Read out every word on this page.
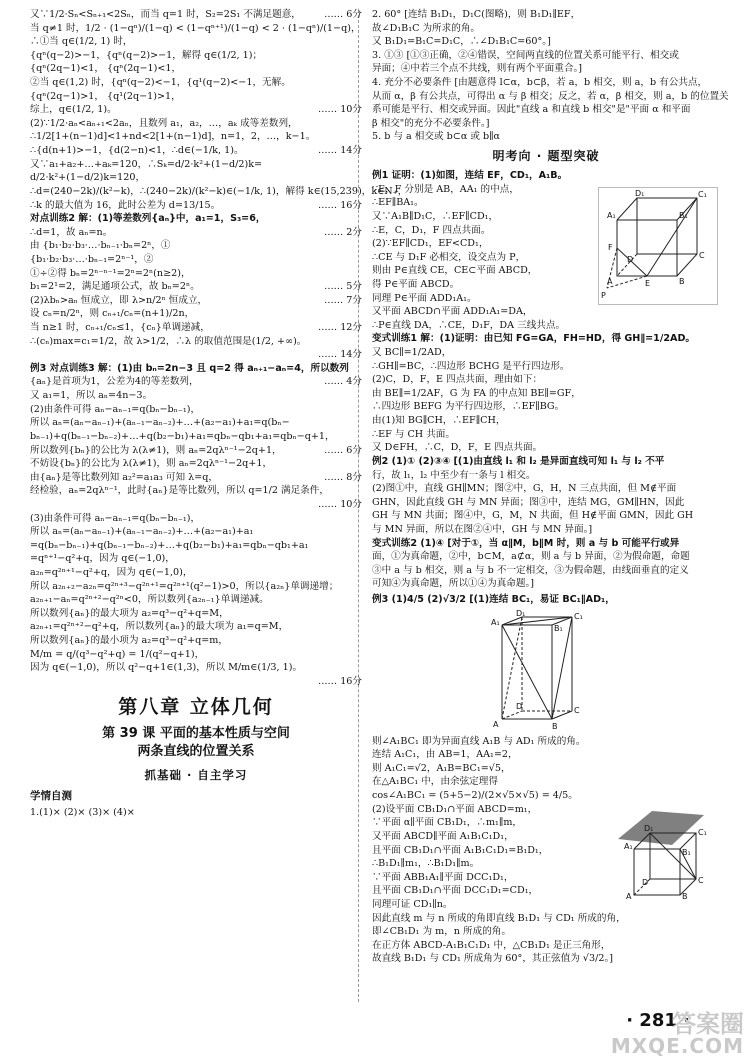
又∵1/2·Sₙ<Sₙ₊₁<2Sₙ，而当 q=1 时，S₂=2S₁ 不满足题意， …… 6分
当 q≠1 时，1/2 · (1−qⁿ)/(1−q) < (1−qⁿ⁺¹)/(1−q) < 2 · (1−qⁿ)/(1−q)，
∴①当 q∈(1/2, 1) 时，
{qⁿ(q−2)>−1，{qⁿ(q−2)>−1，解得 q∈(1/2, 1)；
{qⁿ(2q−1)<1， {qⁿ(2q−1)<1，
②当 q∈(1,2) 时，{qⁿ(q−2)<−1，{q¹(q−2)<−1，无解。
{qⁿ(2q−1)>1， {q¹(2q−1)>1，
综上，q∈(1/2, 1)。	…… 10分
(2)∵1/2·aₙ<aₙ₊₁<2aₙ，且数列 a₁，a₂，…，aₖ 成等差数列，
∴1/2[1+(n−1)d]<1+nd<2[1+(n−1)d]，n=1，2，…，k−1。
∴{d(n+1)>−1，{d(2−n)<1，∴d∈(−1/k, 1)。	…… 14分
又∵a₁+a₂+…+aₖ=120，∴Sₖ=d/2·k²+(1−d/2)k=
d/2·k²+(1−d/2)k=120，
∴d=(240−2k)/(k²−k)，∴(240−2k)/(k²−k)∈(−1/k, 1)，解得 k∈(15,239)，k∈N₊，
∴k 的最大值为 16，此时公差为 d=13/15。	…… 16分
对点训练2 解：(1)等差数列{aₙ}中，a₁=1，S₃=6，
∴d=1，故 aₙ=n。	…… 2分
由 {b₁·b₂·b₃·…·bₙ₋₁·bₙ=2ⁿ，①
{b₁·b₂·b₃·…·bₙ₋₁=2ⁿ⁻¹，②
①÷②得 bₙ=2ⁿ⁻ⁿ⁻¹=2ⁿ=2ⁿ(n≥2)，
b₁=2¹=2，满足通项公式，故 bₙ=2ⁿ。	…… 5分
(2)λbₙ>aₙ 恒成立，即 λ>n/2ⁿ 恒成立，	…… 7分
设 cₙ=n/2ⁿ，则 cₙ₊₁/cₙ=(n+1)/2n，
当 n≥1 时，cₙ₊₁/cₙ≤1，{cₙ}单调递减，	…… 12分
∴(cₙ)max=c₁=1/2，故 λ>1/2，∴λ 的取值范围是(1/2, +∞)。
…… 14分
例3 对点训练3 解：(1)由 bₙ=2n−3 且 q=2 得 aₙ₊₁−aₙ=4，所以数列
{aₙ}是首项为1，公差为4的等差数列，	…… 4分
又 a₁=1，所以 aₙ=4n−3。
(2)由条件可得 aₙ−aₙ₋₁=q(bₙ−bₙ₋₁)，
所以 aₙ=(aₙ−aₙ₋₁)+(aₙ₋₁−aₙ₋₂)+…+(a₂−a₁)+a₁=q(bₙ−
bₙ₋₁)+q(bₙ₋₁−bₙ₋₂)+…+q(b₂−b₁)+a₁=qbₙ−qb₁+a₁=qbₙ−q+1，
所以数列{bₙ}的公比为 λ(λ≠1)，则 aₙ=2qλⁿ⁻¹−2q+1，	…… 6分
不妨设{bₙ}的公比为 λ(λ≠1)，则 aₙ=2qλⁿ⁻¹−2q+1，
由{aₙ}是等比数列知 a₂²=a₁a₃ 可知 λ=q，	…… 8分
经检验，aₙ=2qλⁿ⁻¹，此时{aₙ}是等比数列，所以 q=1/2 满足条件，
…… 10分
(3)由条件可得 aₙ−aₙ₋₁=q(bₙ−bₙ₋₁)，
所以 aₙ=(aₙ−aₙ₋₁)+(aₙ₋₁−aₙ₋₂)+…+(a₂−a₁)+a₁
=q(bₙ−bₙ₋₁)+q(bₙ₋₁−bₙ₋₂)+…+q(b₂−b₁)+a₁=qbₙ−qb₁+a₁
=qⁿ⁺¹−q²+q，因为 q∈(−1,0)，
a₂ₙ=q²ⁿ⁺¹−q²+q，因为 q∈(−1,0)，
所以 a₂ₙ₊₂−a₂ₙ=q²ⁿ⁺³−q²ⁿ⁺¹=q²ⁿ⁺¹(q²−1)>0，所以{a₂ₙ}单调递增；
a₂ₙ₊₁−aₙ=q²ⁿ⁺²−q²ⁿ<0，所以数列{a₂ₙ₋₁}单调递减。
所以数列{aₙ}的最大项为 a₂=q³−q²+q=M，
a₂ₙ₊₁=q²ⁿ⁺²−q²+q，所以数列{aₙ}的最大项为 a₁=q=M，
所以数列{aₙ}的最小项为 a₂=q³−q²+q=m，
M/m = q/(q³−q²+q) = 1/(q²−q+1)，
因为 q∈(−1,0)，所以 q²−q+1∈(1,3)，所以 M/m∈(1/3, 1)。
…… 16分
第八章 立体几何
第 39 课 平面的基本性质与空间
两条直线的位置关系
抓基础 · 自主学习
学情自测
1.(1)× (2)× (3)× (4)×
2. 60° [连结 B₁D₁，D₁C(图略)，则 B₁D₁∥EF，
故∠D₁B₁C 为所求的角。
又 B₁D₁=B₁C=D₁C，∴∠D₁B₁C=60°。]
3. ①③ [①③正确，②④错误，空间两直线的位置关系可能平行、相交或
异面；④中若三个点不共线，则有两个平面重合。]
4. 充分不必要条件 [由题意得 l⊂α，b⊂β，若 a，b 相交，则 a，b 有公共点，
从而 α，β 有公共点，可得出 α 与 β 相交；反之，若 α，β 相交，则 a，b 的位置关
系可能是平行、相交或异面。因此"直线 a 和直线 b 相交"是"平面 α 和平面
β 相交"的充分不必要条件。]
5. b 与 a 相交或 b⊂α 或 b∥α
明考向 · 题型突破
例1 证明：(1)如图，连结 EF，CD₁，A₁B。
∵E，F 分别是 AB，AA₁ 的中点，
∴EF∥BA₁。
又∵A₁B∥D₁C，∴EF∥CD₁，
∴E，C，D₁，F 四点共面。
(2)∵EF∥CD₁，EF<CD₁，
∴CE 与 D₁F 必相交，设交点为 P，
则由 P∈直线 CE，CE⊂平面 ABCD，
得 P∈平面 ABCD。
同理 P∈平面 ADD₁A₁。
又平面 ABCD∩平面 ADD₁A₁=DA，
∴P∈直线 DA，∴CE，D₁F，DA 三线共点。
D₁	C₁
A₁	B₁
D	C
A	B
F
E
P
变式训练1 解：(1)证明：由已知 FG=GA，FH=HD，得 GH∥=1/2AD。
又 BC∥=1/2AD，
∴GH∥=BC，∴四边形 BCHG 是平行四边形。
(2)C，D，F，E 四点共面，理由如下：
由 BE∥=1/2AF，G 为 FA 的中点知 BE∥=GF，
∴四边形 BEFG 为平行四边形，∴EF∥BG。
由(1)知 BG∥CH，∴EF∥CH，
∴EF 与 CH 共面。
又 D∈FH，∴C，D，F，E 四点共面。
例2 (1)① (2)③④ [(1)由直线 l₁ 和 l₂ 是异面直线可知 l₁ 与 l₂ 不平
行，故 l₁，l₂ 中至少有一条与 l 相交。
(2)图①中，直线 GH∥MN；图②中，G，H，N 三点共面，但 M∉平面
GHN，因此直线 GH 与 MN 异面；图③中，连结 MG，GM∥HN，因此
GH 与 MN 共面；图④中，G，M，N 共面，但 H∉平面 GMN，因此 GH
与 MN 异面，所以在图②④中，GH 与 MN 异面。]
变式训练2 (1)④ [对于①，当 α∥M，b∥M 时，则 a 与 b 可能平行或异
面，①为真命题，②中，b⊂M，a⊄α，则 a 与 b 异面，②为假命题，命题
③中 a 与 b 相交，则 a 与 b 不一定相交，③为假命题，由线面垂直的定义
可知④为真命题，所以①④为真命题。]
例3 (1)4/5 (2)√3/2 [(1)连结 BC₁，易证 BC₁∥AD₁，
D₁	C₁
A₁
B₁
D	C
A	B
则∠A₁BC₁ 即为异面直线 A₁B 与 AD₁ 所成的角。
连结 A₁C₁，由 AB=1，AA₁=2，
则 A₁C₁=√2，A₁B=BC₁=√5，
在△A₁BC₁ 中，由余弦定理得
cos∠A₁BC₁ = (5+5−2)/(2×√5×√5) = 4/5。
(2)设平面 CB₁D₁∩平面 ABCD=m₁，
∵平面 α∥平面 CB₁D₁，∴m₁∥m，
又平面 ABCD∥平面 A₁B₁C₁D₁，
且平面 CB₁D₁∩平面 A₁B₁C₁D₁=B₁D₁，
∴B₁D₁∥m₁，∴B₁D₁∥m。
∵平面 ABB₁A₁∥平面 DCC₁D₁，
且平面 CB₁D₁∩平面 DCC₁D₁=CD₁，
同理可证 CD₁∥n。
因此直线 m 与 n 所成的角即直线 B₁D₁ 与 CD₁ 所成的角，
即∠CB₁D₁ 为 m，n 所成的角。
在正方体 ABCD-A₁B₁C₁D₁ 中，△CB₁D₁ 是正三角形，
故直线 B₁D₁ 与 CD₁ 所成角为 60°，其正弦值为 √3/2。]
D₁	C₁
A₁
B₁
D	C
A	B
α
· 281 ·
答案圈
MXQE.COM
